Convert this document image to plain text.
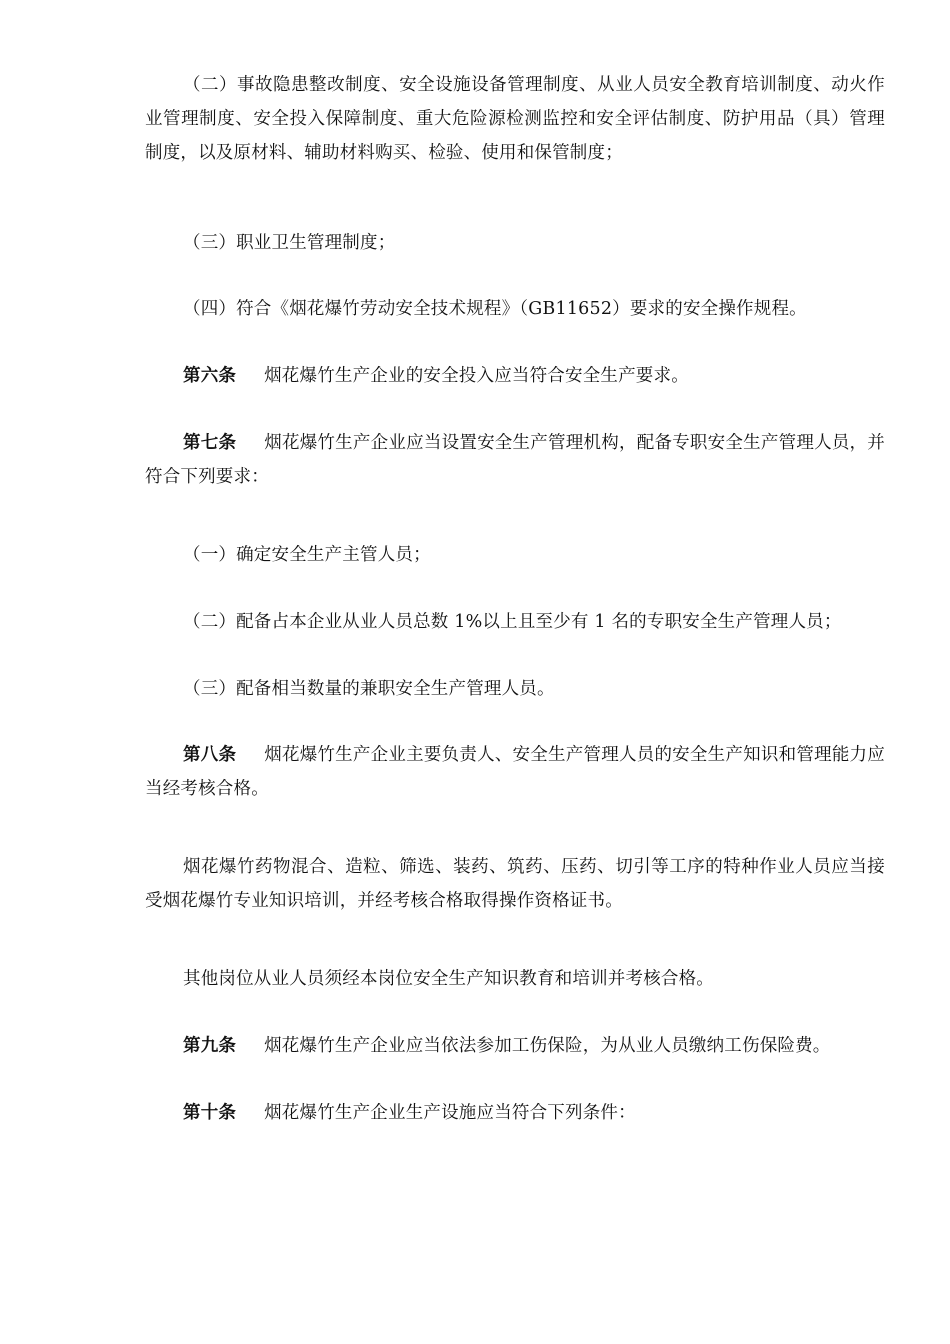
（二）事故隐患整改制度、安全设施设备管理制度、从业人员安全教育培训制度、动火作业管理制度、安全投入保障制度、重大危险源检测监控和安全评估制度、防护用品（具）管理制度，以及原材料、辅助材料购买、检验、使用和保管制度；

（三）职业卫生管理制度；

（四）符合《烟花爆竹劳动安全技术规程》（GB11652）要求的安全操作规程。

第六条 烟花爆竹生产企业的安全投入应当符合安全生产要求。

第七条 烟花爆竹生产企业应当设置安全生产管理机构，配备专职安全生产管理人员，并符合下列要求：

（一）确定安全生产主管人员；

（二）配备占本企业从业人员总数 1%以上且至少有 1 名的专职安全生产管理人员；

（三）配备相当数量的兼职安全生产管理人员。

第八条 烟花爆竹生产企业主要负责人、安全生产管理人员的安全生产知识和管理能力应当经考核合格。

烟花爆竹药物混合、造粒、筛选、装药、筑药、压药、切引等工序的特种作业人员应当接受烟花爆竹专业知识培训，并经考核合格取得操作资格证书。

其他岗位从业人员须经本岗位安全生产知识教育和培训并考核合格。

第九条 烟花爆竹生产企业应当依法参加工伤保险，为从业人员缴纳工伤保险费。

第十条 烟花爆竹生产企业生产设施应当符合下列条件：
